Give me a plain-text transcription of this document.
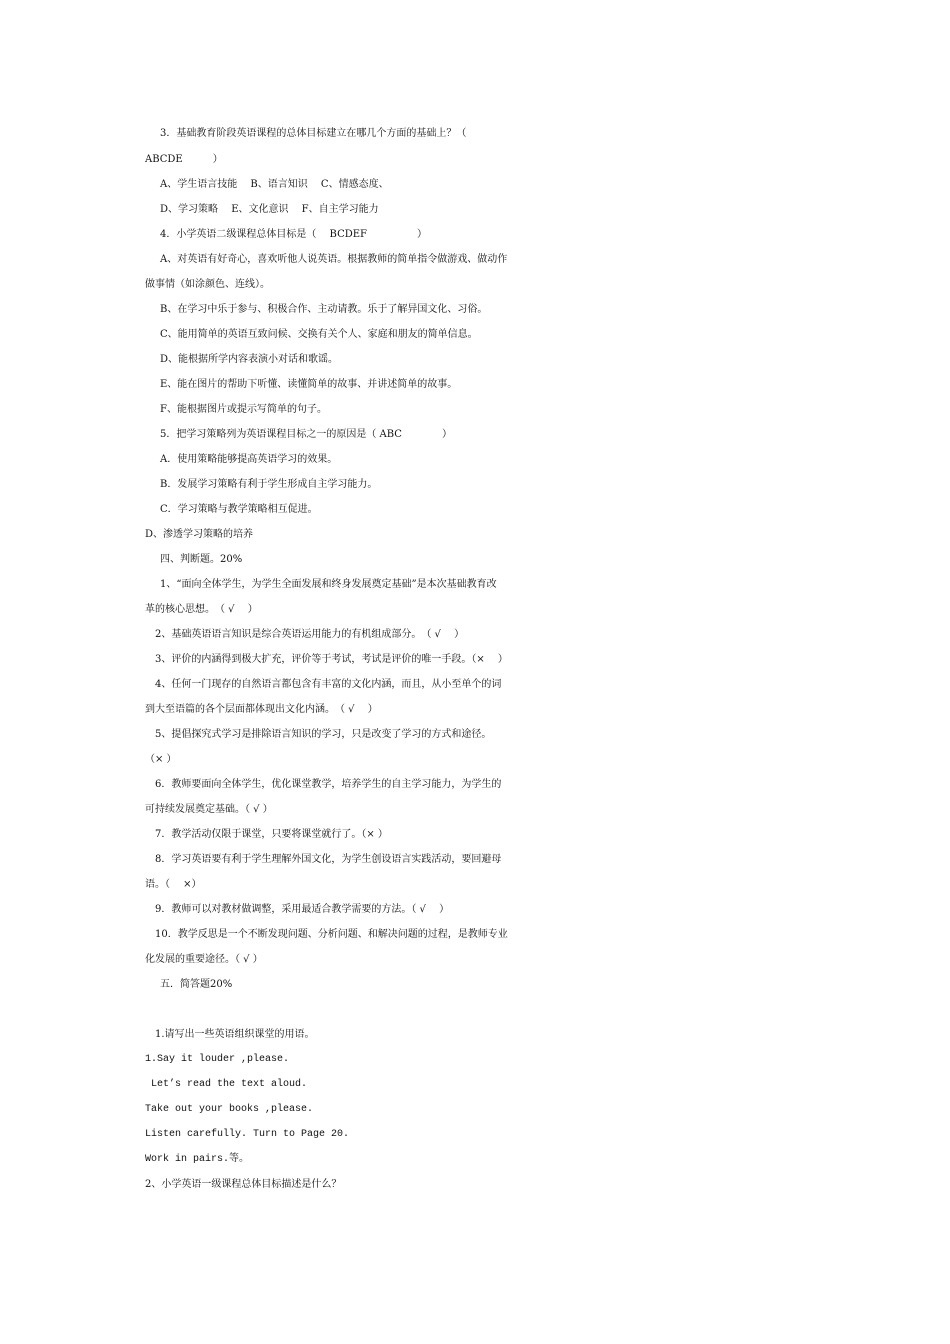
　3．基础教育阶段英语课程的总体目标建立在哪几个方面的基础上？（
ABCDE　　　）
　A、学生语言技能　 B、语言知识　 C、情感态度、
　D、学习策略　 E、文化意识　 F、自主学习能力
　4．小学英语二级课程总体目标是（　 BCDEF　　　　　）
　A、对英语有好奇心，喜欢听他人说英语。根据教师的简单指令做游戏、做动作
做事情（如涂颜色、连线）。
　B、在学习中乐于参与、积极合作、主动请教。乐于了解异国文化、习俗。
　C、能用简单的英语互致问候、交换有关个人、家庭和朋友的简单信息。
　D、能根据所学内容表演小对话和歌谣。
　E、能在图片的帮助下听懂、读懂简单的故事、并讲述简单的故事。
　F、能根据图片或提示写简单的句子。
　5．把学习策略列为英语课程目标之一的原因是（ ABC　　　　）
　A．使用策略能够提高英语学习的效果。
　B．发展学习策略有利于学生形成自主学习能力。
　C．学习策略与教学策略相互促进。
D、渗透学习策略的培养
　四、判断题。20%
1、“面向全体学生，为学生全面发展和终身发展奠定基础”是本次基础教育改
革的核心思想。　（ √　 ）
　2、基础英语语言知识是综合英语运用能力的有机组成部分。　（ √　 ）
　3、评价的内涵得到极大扩充，评价等于考试，考试是评价的唯一手段。（×　 ）
　4、任何一门现存的自然语言都包含有丰富的文化内涵，而且，从小至单个的词
到大至语篇的各个层面都体现出文化内涵。　（ √　 ）
　5、提倡探究式学习是排除语言知识的学习，只是改变了学习的方式和途径。
（× ）
　6．教师要面向全体学生，优化课堂教学，培养学生的自主学习能力，为学生的
可持续发展奠定基础。（ √ ）
　7．教学活动仅限于课堂，只要将课堂就行了。（× ）
　8．学习英语要有利于学生理解外国文化，为学生创设语言实践活动，要回避母
语。（　 ×）
　9．教师可以对教材做调整，采用最适合教学需要的方法。（ √　 ）
　10．教学反思是一个不断发现问题、分析问题、和解决问题的过程，是教师专业
化发展的重要途径。（ √ ）
　五．简答题20%
　1.请写出一些英语组织课堂的用语。
1.Say it louder ,please.
Let’s read the text aloud.
Take out your books ,please.
Listen carefully. Turn to Page 20.
Work in pairs.等。
2、小学英语一级课程总体目标描述是什么？
